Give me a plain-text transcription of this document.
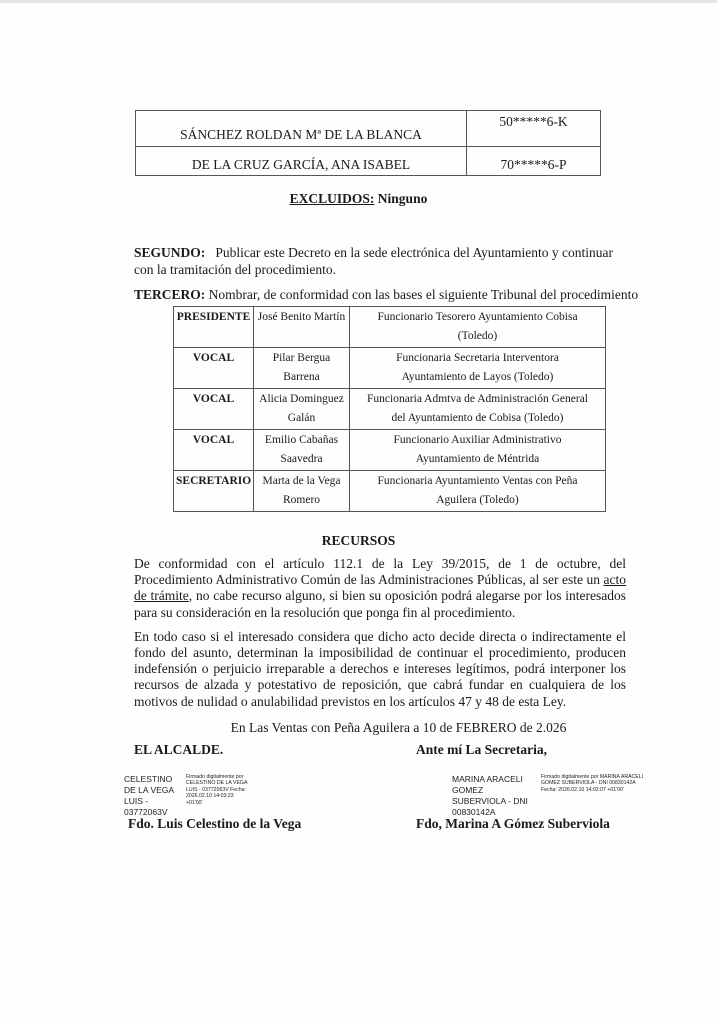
SÁNCHEZ ROLDAN Mª DE LA BLANCA	50*****6-K
DE LA CRUZ GARCÍA, ANA ISABEL	70*****6-P
EXCLUIDOS: Ninguno
SEGUNDO: Publicar este Decreto en la sede electrónica del Ayuntamiento y continuar con la tramitación del procedimiento.
TERCERO: Nombrar, de conformidad con las bases el siguiente Tribunal del procedimiento
PRESIDENTE	José Benito Martín	Funcionario Tesorero Ayuntamiento Cobisa
(Toledo)
VOCAL	Pilar Bergua Barrena	Funcionaria Secretaria Interventora
Ayuntamiento de Layos (Toledo)
VOCAL	Alicia Dominguez Galán	Funcionaria Admtva de Administración General
del Ayuntamiento de Cobisa (Toledo)
VOCAL	Emilio Cabañas Saavedra	Funcionario Auxiliar Administrativo
Ayuntamiento de Méntrida
SECRETARIO	Marta de la Vega Romero	Funcionaria Ayuntamiento Ventas con Peña
Aguilera (Toledo)
RECURSOS
De conformidad con el artículo 112.1 de la Ley 39/2015, de 1 de octubre, del Procedimiento Administrativo Común de las Administraciones Públicas, al ser este un acto de trámite, no cabe recurso alguno, si bien su oposición podrá alegarse por los interesados para su consideración en la resolución que ponga fin al procedimiento.
En todo caso si el interesado considera que dicho acto decide directa o indirectamente el fondo del asunto, determinan la imposibilidad de continuar el procedimiento, producen indefensión o perjuicio irreparable a derechos e intereses legítimos, podrá interponer los recursos de alzada y potestativo de reposición, que cabrá fundar en cualquiera de los motivos de nulidad o anulabilidad previstos en los artículos 47 y 48 de esta Ley.
En Las Ventas con Peña Aguilera a 10 de FEBRERO de 2.026
EL ALCALDE.	Ante mí La Secretaria,
CELESTINO DE LA VEGA LUIS - 03772063V
Firmado digitalmente por CELESTINO DE LA VEGA LUIS - 03772063V Fecha: 2026.02.10 14:03:23 +01'00'
MARINA ARACELI GOMEZ SUBERVIOLA - DNI 00830142A
Firmado digitalmente por MARINA ARACELI GOMEZ SUBERVIOLA - DNI 00830142A Fecha: 2026.02.10 14:02:07 +01'00'
Fdo. Luis Celestino de la Vega	Fdo, Marina A Gómez Suberviola
